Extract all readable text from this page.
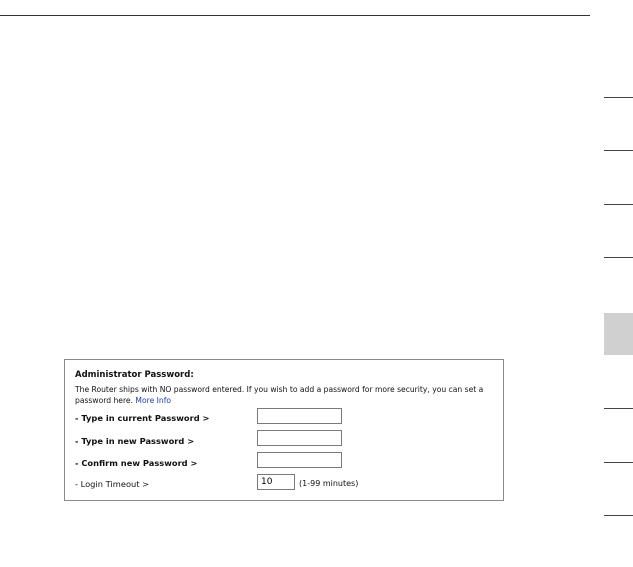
Administrator Password:
The Router ships with NO password entered. If you wish to add a password for more security, you can set a password here. More Info
- Type in current Password >
- Type in new Password >
- Confirm new Password >
- Login Timeout >
10	(1-99 minutes)
